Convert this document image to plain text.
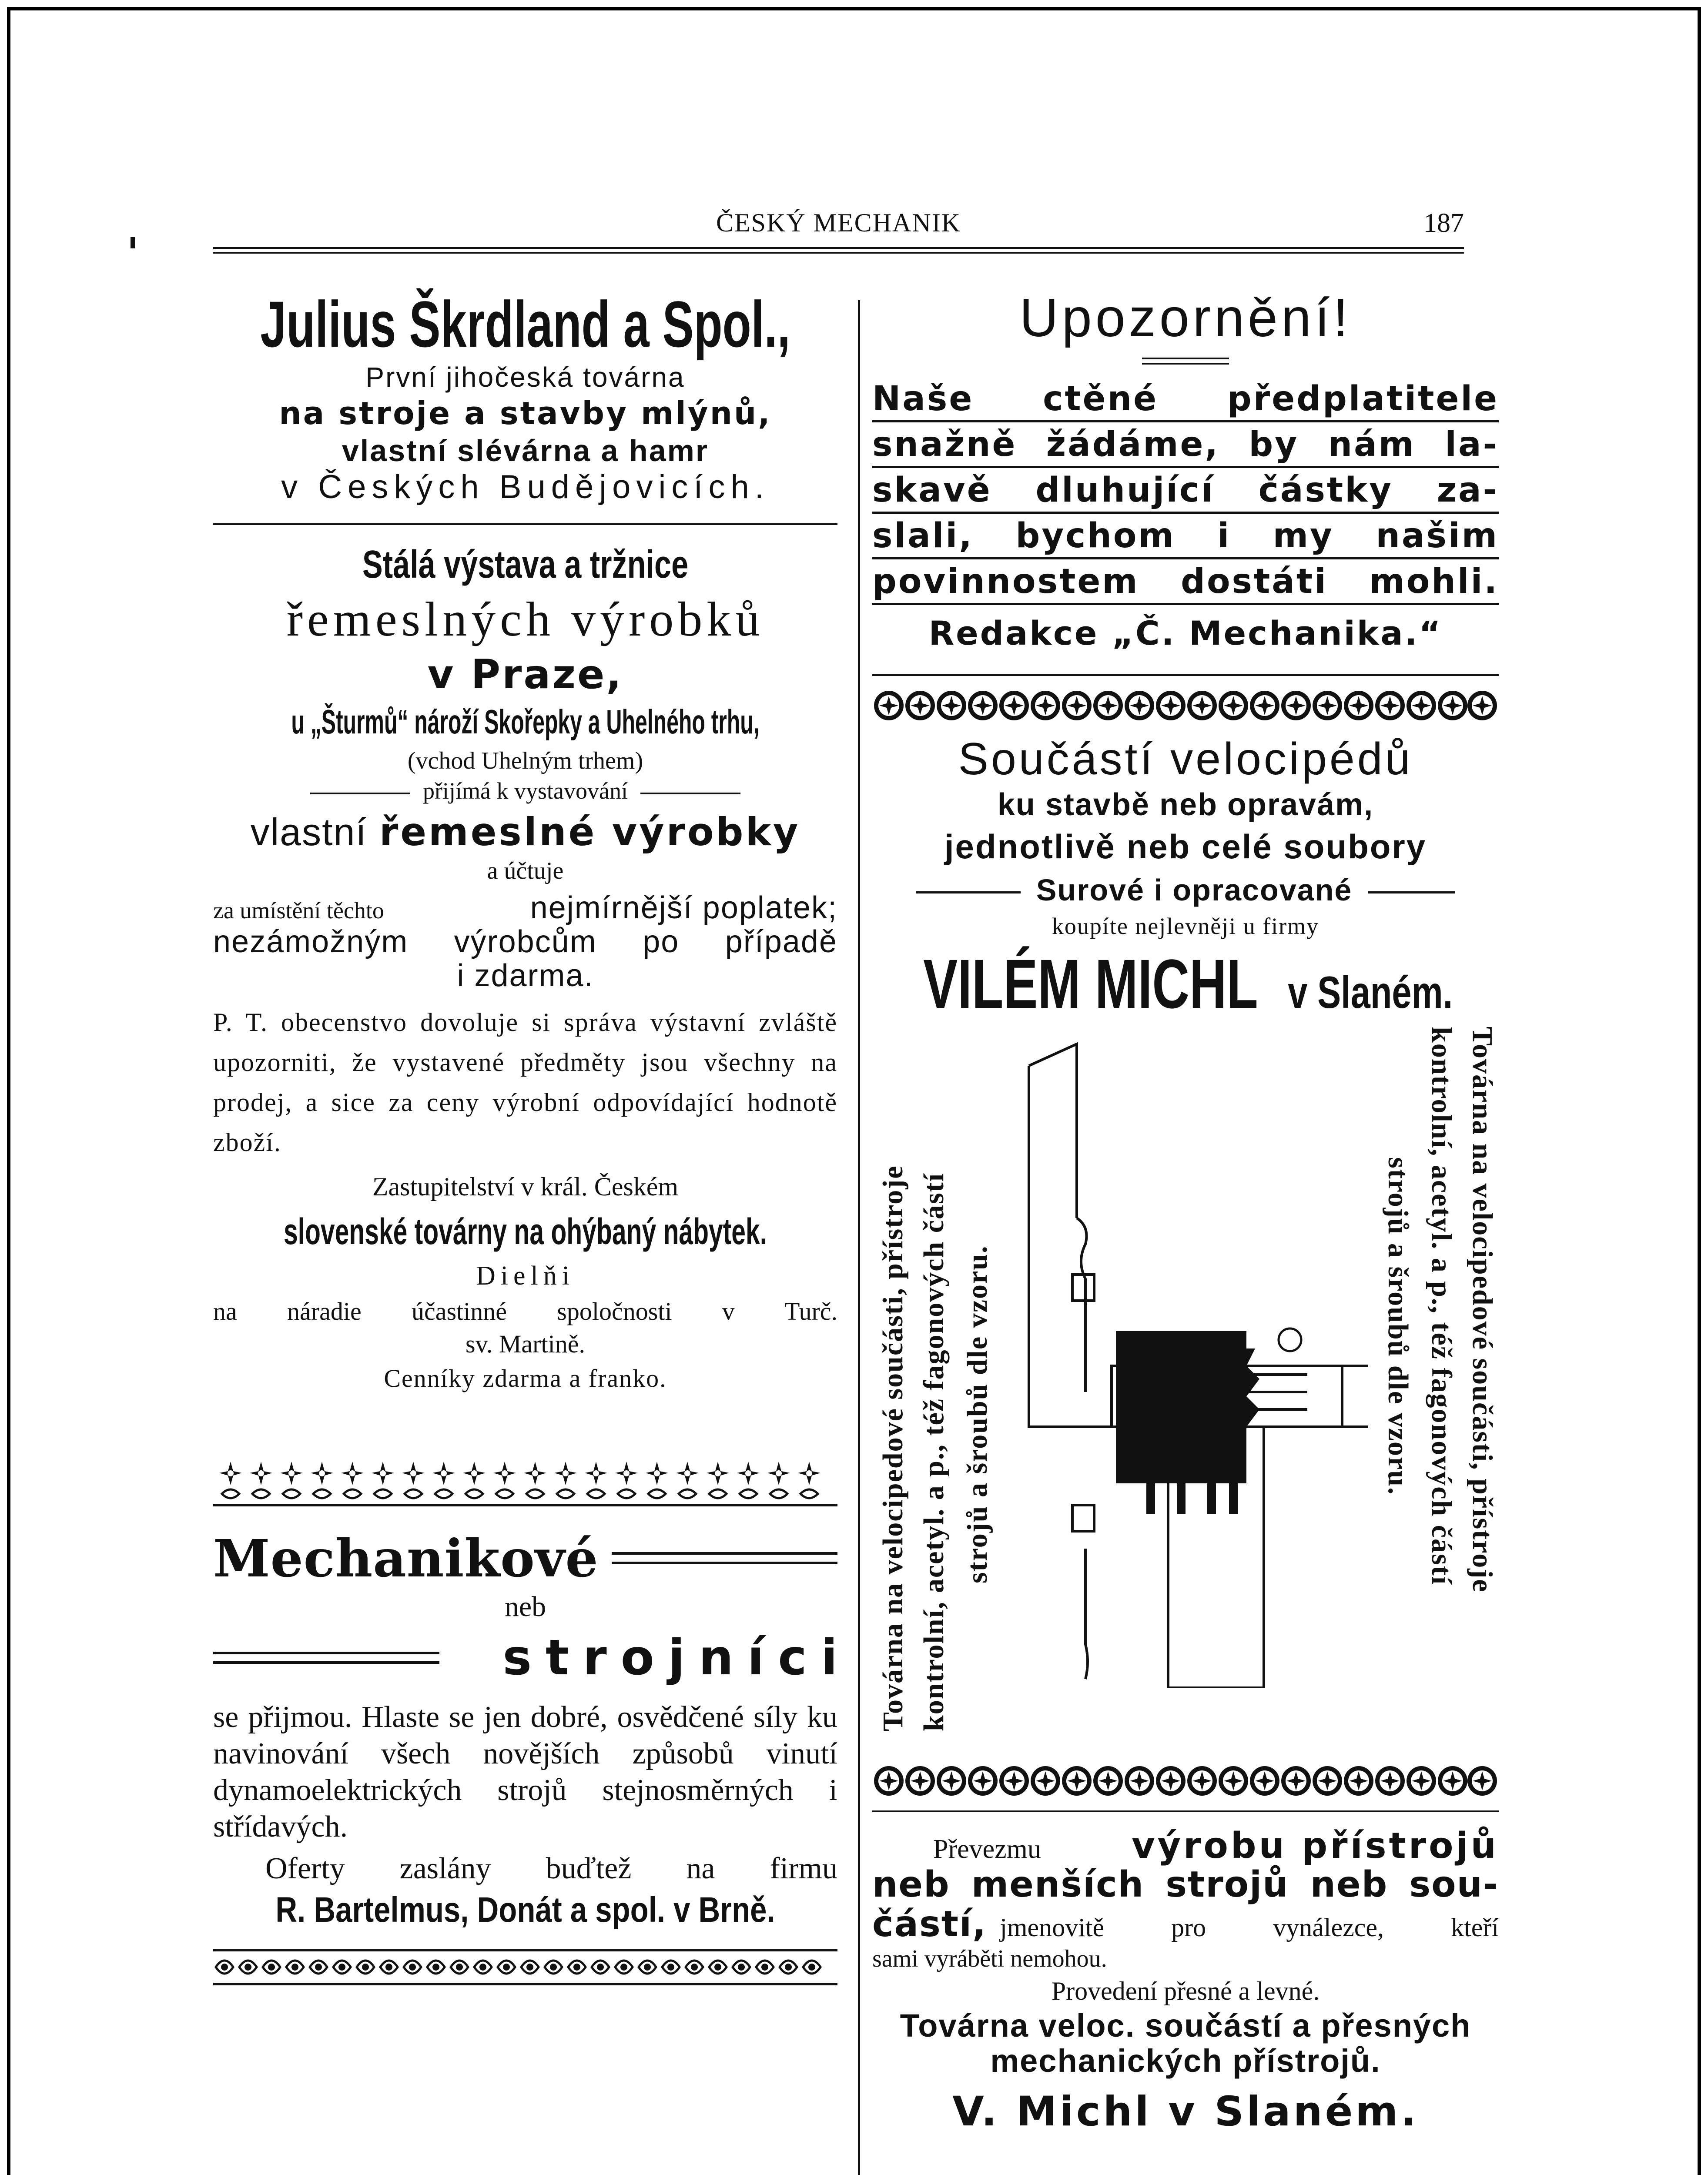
ČESKÝ MECHANIK	187
Julius Škrdland a Spol.,
První jihočeská továrna
na stroje a stavby mlýnů,
vlastní slévárna a hamr
v Českých Budějovicích.
Stálá výstava a tržnice
řemeslných výrobků
v Praze,
u „Šturmů“ nároží Skořepky a Uhelného trhu,
(vchod Uhelným trhem)
přijímá k vystavování
vlastní řemeslné výrobky
a účtuje
za umístění těchto	nejmírnější poplatek;
nezámožným výrobcům po případě
i zdarma.
P. T. obecenstvo dovoluje si správa výstavní zvláště upozorniti, že vystavené předměty jsou všechny na prodej, a sice za ceny výrobní odpovídající hodnotě zboží.
Zastupitelství v král. Českém
slovenské továrny na ohýbaný nábytek.
Dielňi
na náradie účastinné spoločnosti v Turč.
sv. Martině.
Cenníky zdarma a franko.
Mechanikové
neb
strojníci
se přijmou. Hlaste se jen dobré, osvědčené síly ku navinování všech novějších způsobů vinutí dynamoelektrických strojů stejnosměrných i střídavých.
Oferty zaslány buďtež na firmu
R. Bartelmus, Donát a spol. v Brně.
Upozornění!
Naše ctěné předplatitele
snažně žádáme, by nám la-
skavě dluhující částky za-
slali, bychom i my našim
povinnostem dostáti mohli.
Redakce „Č. Mechanika.“
Součástí velocipédů
ku stavbě neb opravám,
jednotlivě neb celé soubory
Surové i opracované
koupíte nejlevněji u firmy
VILÉM MICHL v Slaném.
Továrna na velocipedové součásti, přístroje kontrolní, acetyl. a p., též fagonových částí strojů a šroubů dle vzoru.	Továrna na velocipedové součásti, přístroje
kontrolní, acetyl. a p., též fagonových částí
strojů a šroubů dle vzoru.
Převezmu	výrobu přístrojů
neb menších strojů neb sou-
částí, jmenovitě pro vynálezce, kteří
sami vyráběti nemohou.
Provedení přesné a levné.
Továrna veloc. součástí a přesných
mechanických přístrojů.
V. Michl v Slaném.
